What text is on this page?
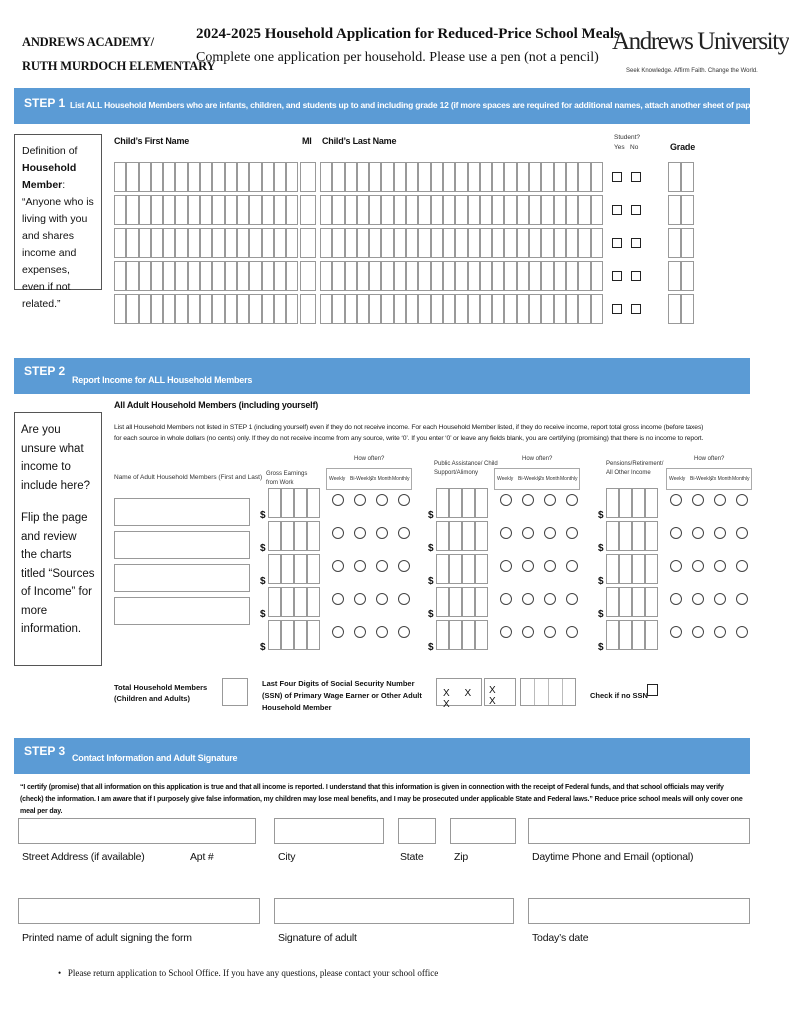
ANDREWS ACADEMY/
RUTH MURDOCH ELEMENTARY
2024-2025 Household Application for Reduced-Price School Meals
Complete one application per household. Please use a pen (not a pencil)
Andrews University
Seek Knowledge. Affirm Faith. Change the World.
STEP 1 List ALL Household Members who are infants, children, and students up to and including grade 12 (if more spaces are required for additional names, attach another sheet of paper)
Definition of
Household Member: “Anyone who is living with you and shares income and expenses, even if not related.”
Child’s First Name	MI Child’s Last Name	Student?
Yes No	Grade
STEP 2
Report Income for ALL Household Members
Are you unsure what income to include here?
Flip the page and review the charts titled “Sources of Income” for more information.
All Adult Household Members (including yourself)
List all Household Members not listed in STEP 1 (including yourself) even if they do not receive income. For each Household Member listed, if they do receive income, report total gross income (before taxes)
for each source in whole dollars (no cents) only. If they do not receive income from any source, write ‘0’. If you enter ‘0’ or leave any fields blank, you are certifying (promising) that there is no income to report.
Name of Adult Household Members (First and Last) Gross Earnings from Work
Public Assistance/ Child Support/Alimony
Pensions/Retirement/ All Other Income
How often?
Weekly Bi-Weekly
2x Month Monthly
How often?
Weekly Bi-Weekly
2x Month Monthly
How often?
Weekly Bi-Weekly
2x Month Monthly
$	$	$
$	$	$
$	$	$
$	$	$
$	$	$
Total Household Members (Children and Adults)
Last Four Digits of Social Security Number (SSN) of Primary Wage Earner or Other Adult Household Member
X X X
X X
Check if no SSN
STEP 3 Contact Information and Adult Signature
“I certify (promise) that all information on this application is true and that all income is reported. I understand that this information is given in connection with the receipt of Federal funds, and that school officials may verify (check) the information. I am aware that if I purposely give false information, my children may lose meal benefits, and I may be prosecuted under applicable State and Federal laws.” Reduce price school meals will only cover one meal per day.
Street Address (if available)	Apt #	City	State	Zip	Daytime Phone and Email (optional)
Printed name of adult signing the form	Signature of adult	Today’s date
• Please return application to School Office. If you have any questions, please contact your school office
